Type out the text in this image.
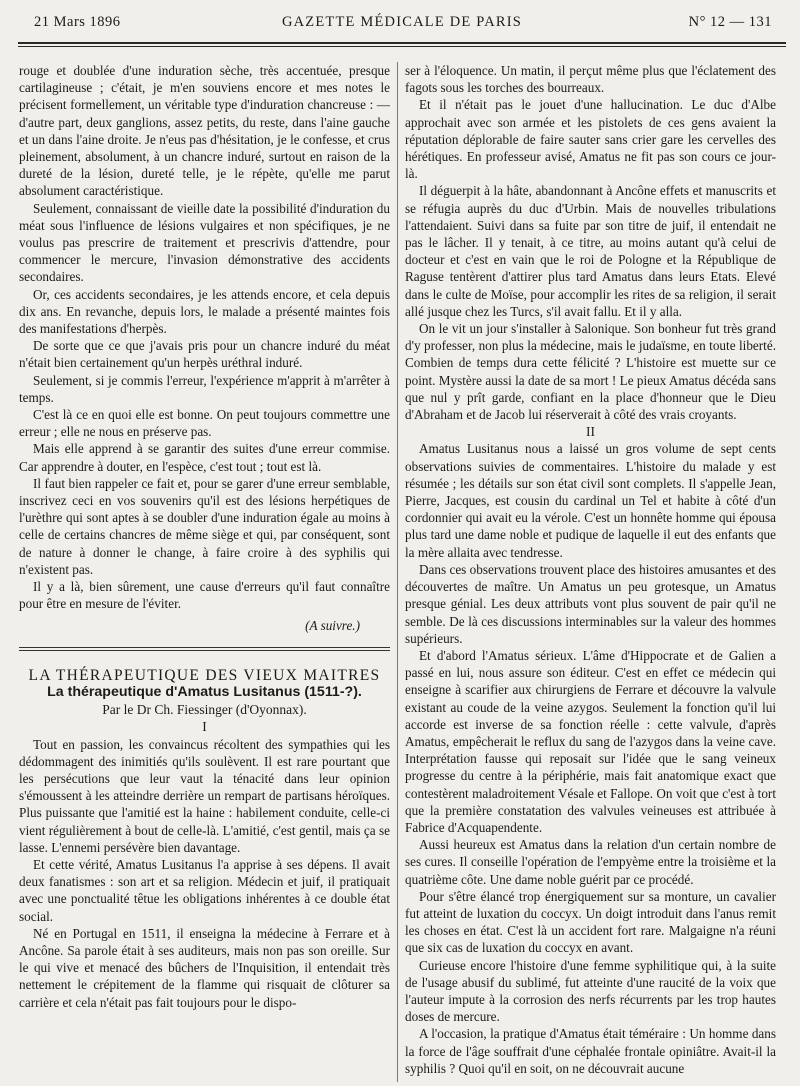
21 Mars 1896	GAZETTE MÉDICALE DE PARIS	N° 12 — 131

rouge et doublée d'une induration sèche, très accentuée, presque cartilagineuse ; c'était, je m'en souviens encore et mes notes le précisent formellement, un véritable type d'induration chancreuse : — d'autre part, deux ganglions, assez petits, du reste, dans l'aine gauche et un dans l'aine droite. Je n'eus pas d'hésitation, je le confesse, et crus pleinement, absolument, à un chancre induré, surtout en raison de la dureté de la lésion, dureté telle, je le répète, qu'elle me parut absolument caractéristique.

Seulement, connaissant de vieille date la possibilité d'induration du méat sous l'influence de lésions vulgaires et non spécifiques, je ne voulus pas prescrire de traitement et prescrivis d'attendre, pour commencer le mercure, l'invasion démonstrative des accidents secondaires.

Or, ces accidents secondaires, je les attends encore, et cela depuis dix ans. En revanche, depuis lors, le malade a présenté maintes fois des manifestations d'herpès.

De sorte que ce que j'avais pris pour un chancre induré du méat n'était bien certainement qu'un herpès uréthral induré.

Seulement, si je commis l'erreur, l'expérience m'apprit à m'arrêter à temps.

C'est là ce en quoi elle est bonne. On peut toujours commettre une erreur ; elle ne nous en préserve pas.

Mais elle apprend à se garantir des suites d'une erreur commise. Car apprendre à douter, en l'espèce, c'est tout ; tout est là.

Il faut bien rappeler ce fait et, pour se garer d'une erreur semblable, inscrivez ceci en vos souvenirs qu'il est des lésions herpétiques de l'urèthre qui sont aptes à se doubler d'une induration égale au moins à celle de certains chancres de même siège et qui, par conséquent, sont de nature à donner le change, à faire croire à des syphilis qui n'existent pas.

Il y a là, bien sûrement, une cause d'erreurs qu'il faut connaître pour être en mesure de l'éviter.

(A suivre.)

LA THÉRAPEUTIQUE DES VIEUX MAITRES

La thérapeutique d'Amatus Lusitanus (1511-?).

Par le Dr Ch. Fiessinger (d'Oyonnax).

I

Tout en passion, les convaincus récoltent des sympathies qui les dédommagent des inimitiés qu'ils soulèvent. Il est rare pourtant que les persécutions que leur vaut la ténacité dans leur opinion s'émoussent à les atteindre derrière un rempart de partisans héroïques. Plus puissante que l'amitié est la haine : habilement conduite, celle-ci vient régulièrement à bout de celle-là. L'amitié, c'est gentil, mais ça se lasse. L'ennemi persévère bien davantage.

Et cette vérité, Amatus Lusitanus l'a apprise à ses dépens. Il avait deux fanatismes : son art et sa religion. Médecin et juif, il pratiquait avec une ponctualité têtue les obligations inhérentes à ce double état social.

Né en Portugal en 1511, il enseigna la médecine à Ferrare et à Ancône. Sa parole était à ses auditeurs, mais non pas son oreille. Sur le qui vive et menacé des bûchers de l'Inquisition, il entendait très nettement le crépitement de la flamme qui risquait de clôturer sa carrière et cela n'était pas fait toujours pour le dispo-

ser à l'éloquence. Un matin, il perçut même plus que l'éclatement des fagots sous les torches des bourreaux.

Et il n'était pas le jouet d'une hallucination. Le duc d'Albe approchait avec son armée et les pistolets de ces gens avaient la réputation déplorable de faire sauter sans crier gare les cervelles des hérétiques. En professeur avisé, Amatus ne fit pas son cours ce jour-là.

Il déguerpit à la hâte, abandonnant à Ancône effets et manuscrits et se réfugia auprès du duc d'Urbin. Mais de nouvelles tribulations l'attendaient. Suivi dans sa fuite par son titre de juif, il entendait ne pas le lâcher. Il y tenait, à ce titre, au moins autant qu'à celui de docteur et c'est en vain que le roi de Pologne et la République de Raguse tentèrent d'attirer plus tard Amatus dans leurs Etats. Elevé dans le culte de Moïse, pour accomplir les rites de sa religion, il serait allé jusque chez les Turcs, s'il avait fallu. Et il y alla.

On le vit un jour s'installer à Salonique. Son bonheur fut très grand d'y professer, non plus la médecine, mais le judaïsme, en toute liberté. Combien de temps dura cette félicité ? L'histoire est muette sur ce point. Mystère aussi la date de sa mort ! Le pieux Amatus décéda sans que nul y prît garde, confiant en la place d'honneur que le Dieu d'Abraham et de Jacob lui réserverait à côté des vrais croyants.

II

Amatus Lusitanus nous a laissé un gros volume de sept cents observations suivies de commentaires. L'histoire du malade y est résumée ; les détails sur son état civil sont complets. Il s'appelle Jean, Pierre, Jacques, est cousin du cardinal un Tel et habite à côté d'un cordonnier qui avait eu la vérole. C'est un honnête homme qui épousa plus tard une dame noble et pudique de laquelle il eut des enfants que la mère allaita avec tendresse.

Dans ces observations trouvent place des histoires amusantes et des découvertes de maître. Un Amatus un peu grotesque, un Amatus presque génial. Les deux attributs vont plus souvent de pair qu'il ne semble. De là ces discussions interminables sur la valeur des hommes supérieurs.

Et d'abord l'Amatus sérieux. L'âme d'Hippocrate et de Galien a passé en lui, nous assure son éditeur. C'est en effet ce médecin qui enseigne à scarifier aux chirurgiens de Ferrare et découvre la valvule existant au coude de la veine azygos. Seulement la fonction qu'il lui accorde est inverse de sa fonction réelle : cette valvule, d'après Amatus, empêcherait le reflux du sang de l'azygos dans la veine cave. Interprétation fausse qui reposait sur l'idée que le sang veineux progresse du centre à la périphérie, mais fait anatomique exact que contestèrent maladroitement Vésale et Fallope. On voit que c'est à tort que la première constatation des valvules veineuses est attribuée à Fabrice d'Acquapendente.

Aussi heureux est Amatus dans la relation d'un certain nombre de ses cures. Il conseille l'opération de l'empyème entre la troisième et la quatrième côte. Une dame noble guérit par ce procédé.

Pour s'être élancé trop énergiquement sur sa monture, un cavalier fut atteint de luxation du coccyx. Un doigt introduit dans l'anus remit les choses en état. C'est là un accident fort rare. Malgaigne n'a réuni que six cas de luxation du coccyx en avant.

Curieuse encore l'histoire d'une femme syphilitique qui, à la suite de l'usage abusif du sublimé, fut atteinte d'une raucité de la voix que l'auteur impute à la corrosion des nerfs récurrents par les trop hautes doses de mercure.

A l'occasion, la pratique d'Amatus était téméraire : Un homme dans la force de l'âge souffrait d'une céphalée frontale opiniâtre. Avait-il la syphilis ? Quoi qu'il en soit, on ne découvrait aucune
